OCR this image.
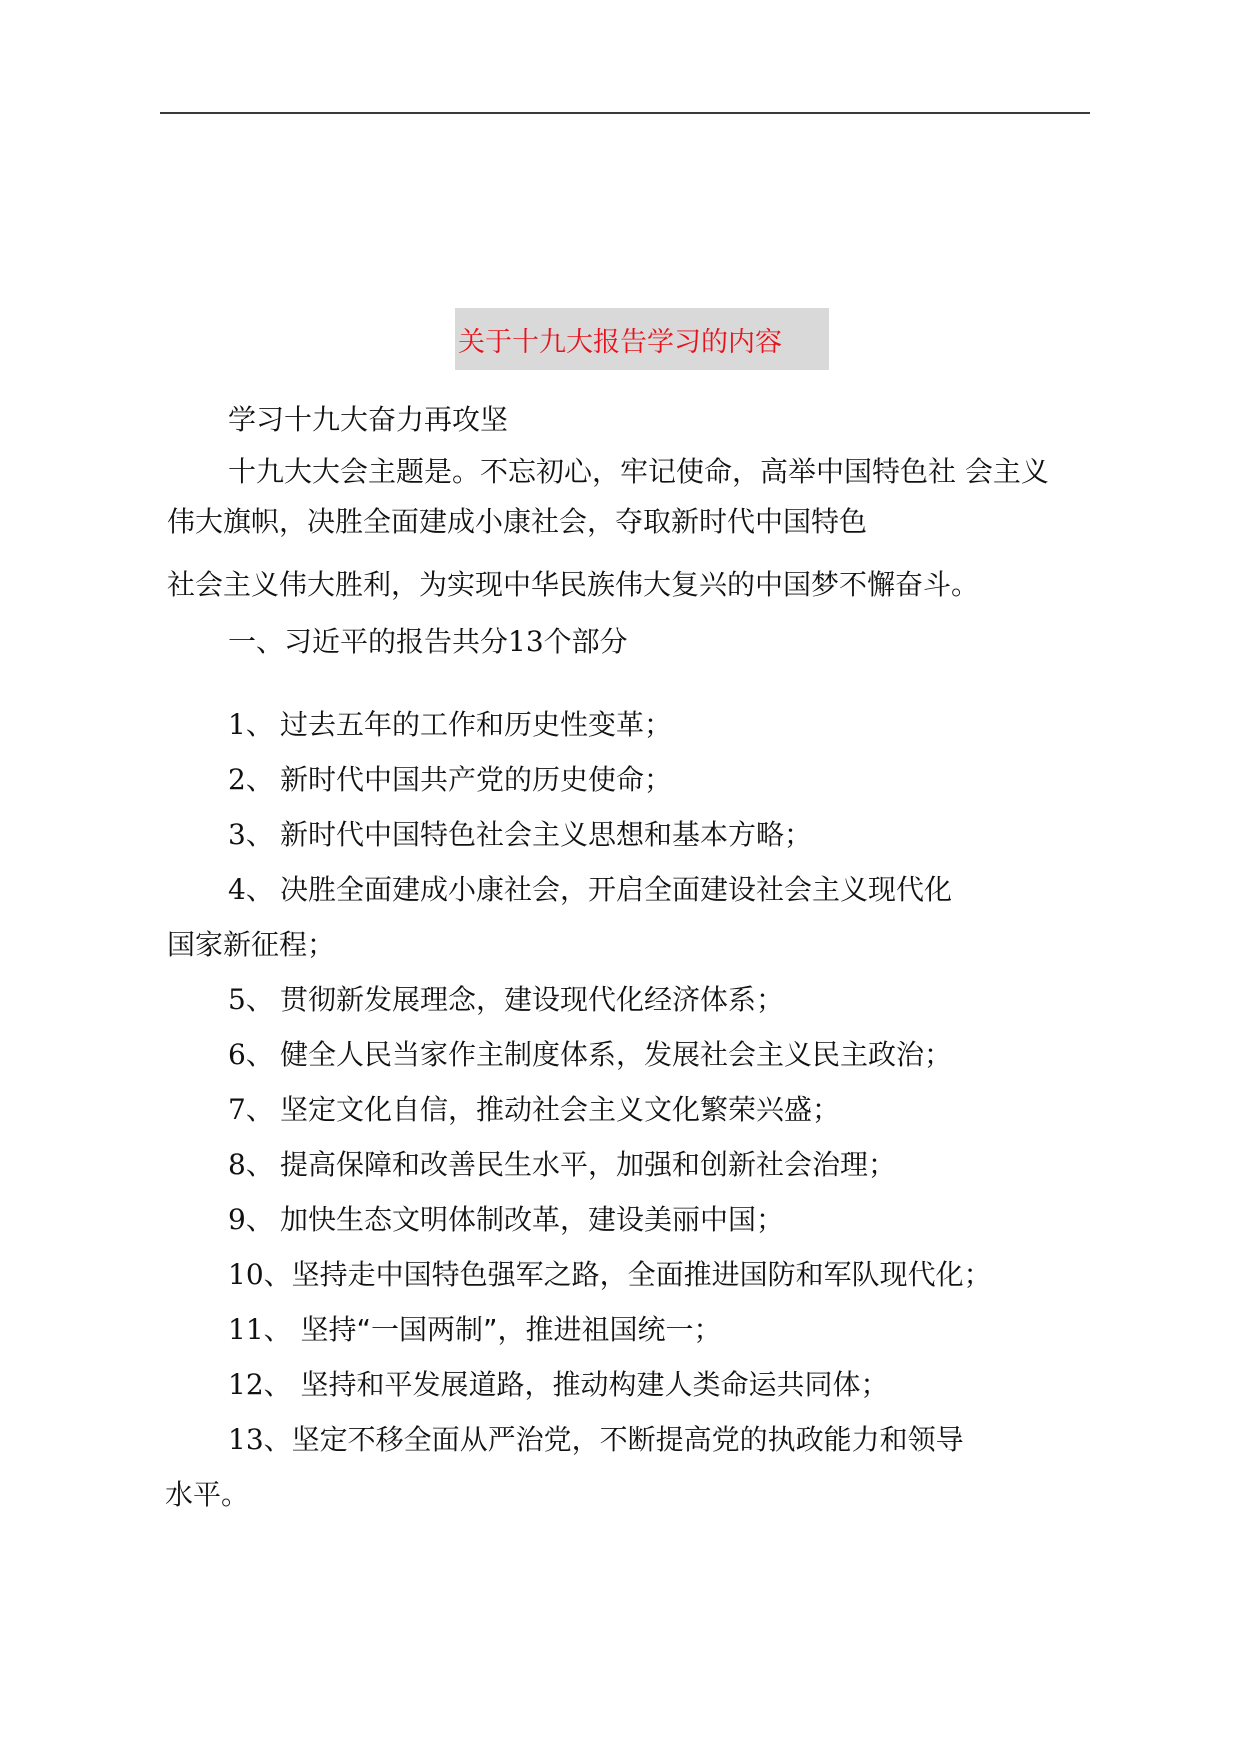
关于十九大报告学习的内容
学习十九大奋力再攻坚
十九大大会主题是。不忘初心，牢记使命，高举中国特色社 会主义
伟大旗帜，决胜全面建成小康社会，夺取新时代中国特色
社会主义伟大胜利，为实现中华民族伟大复兴的中国梦不懈奋斗。
一、习近平的报告共分13个部分
1、 过去五年的工作和历史性变革；
2、 新时代中国共产党的历史使命；
3、 新时代中国特色社会主义思想和基本方略；
4、 决胜全面建成小康社会，开启全面建设社会主义现代化
国家新征程；
5、 贯彻新发展理念，建设现代化经济体系；
6、 健全人民当家作主制度体系，发展社会主义民主政治；
7、 坚定文化自信，推动社会主义文化繁荣兴盛；
8、 提高保障和改善民生水平，加强和创新社会治理；
9、 加快生态文明体制改革，建设美丽中国；
10、坚持走中国特色强军之路，全面推进国防和军队现代化；
11、 坚持“一国两制”，推进祖国统一；
12、 坚持和平发展道路，推动构建人类命运共同体；
13、坚定不移全面从严治党，不断提高党的执政能力和领导
水平。
